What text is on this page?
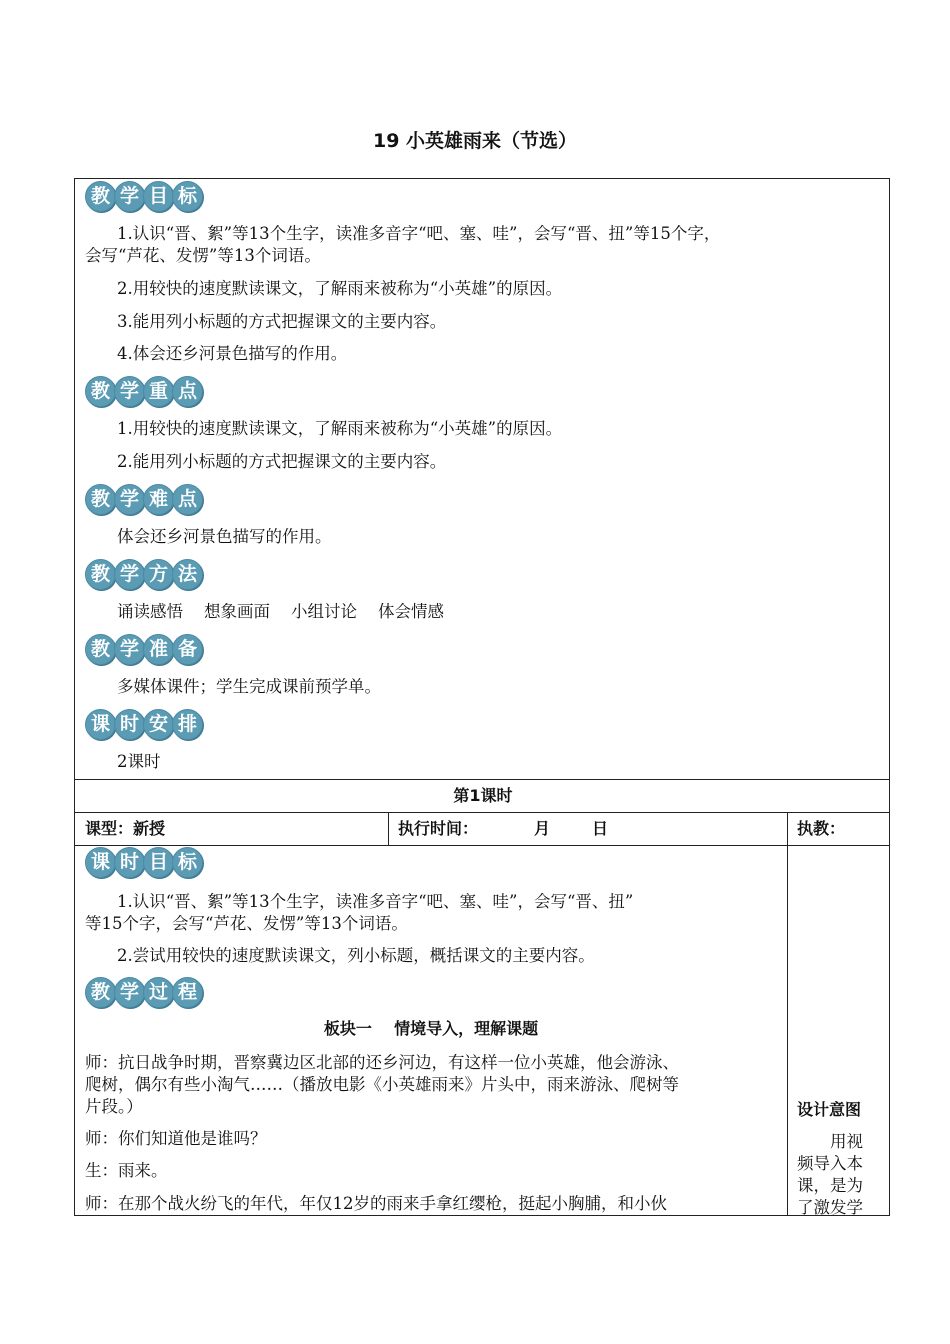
19 小英雄雨来（节选）
教 学 目 标
1.认识“晋、絮”等13个生字，读准多音字“吧、塞、哇”，会写“晋、扭”等15个字，
会写“芦花、发愣”等13个词语。
2.用较快的速度默读课文，了解雨来被称为“小英雄”的原因。
3.能用列小标题的方式把握课文的主要内容。
4.体会还乡河景色描写的作用。
教 学 重 点
1.用较快的速度默读课文，了解雨来被称为“小英雄”的原因。
2.能用列小标题的方式把握课文的主要内容。
教 学 难 点
体会还乡河景色描写的作用。
教 学 方 法
诵读感悟    想象画面    小组讨论    体会情感
教 学 准 备
多媒体课件；学生完成课前预学单。
课 时 安 排
2课时
第1课时
课型：新授	执行时间：	月	日	执教：
课 时 目 标
1.认识“晋、絮”等13个生字，读准多音字“吧、塞、哇”，会写“晋、扭”
等15个字，会写“芦花、发愣”等13个词语。
2.尝试用较快的速度默读课文，列小标题，概括课文的主要内容。
教 学 过 程
板块一    情境导入，理解课题
师：抗日战争时期，晋察冀边区北部的还乡河边，有这样一位小英雄，他会游泳、
爬树，偶尔有些小淘气……（播放电影《小英雄雨来》片头中，雨来游泳、爬树等
片段。）
师：你们知道他是谁吗？
生：雨来。
师：在那个战火纷飞的年代，年仅12岁的雨来手拿红缨枪，挺起小胸脯，和小伙
设计意图
用视
频导入本
课，是为
了激发学
